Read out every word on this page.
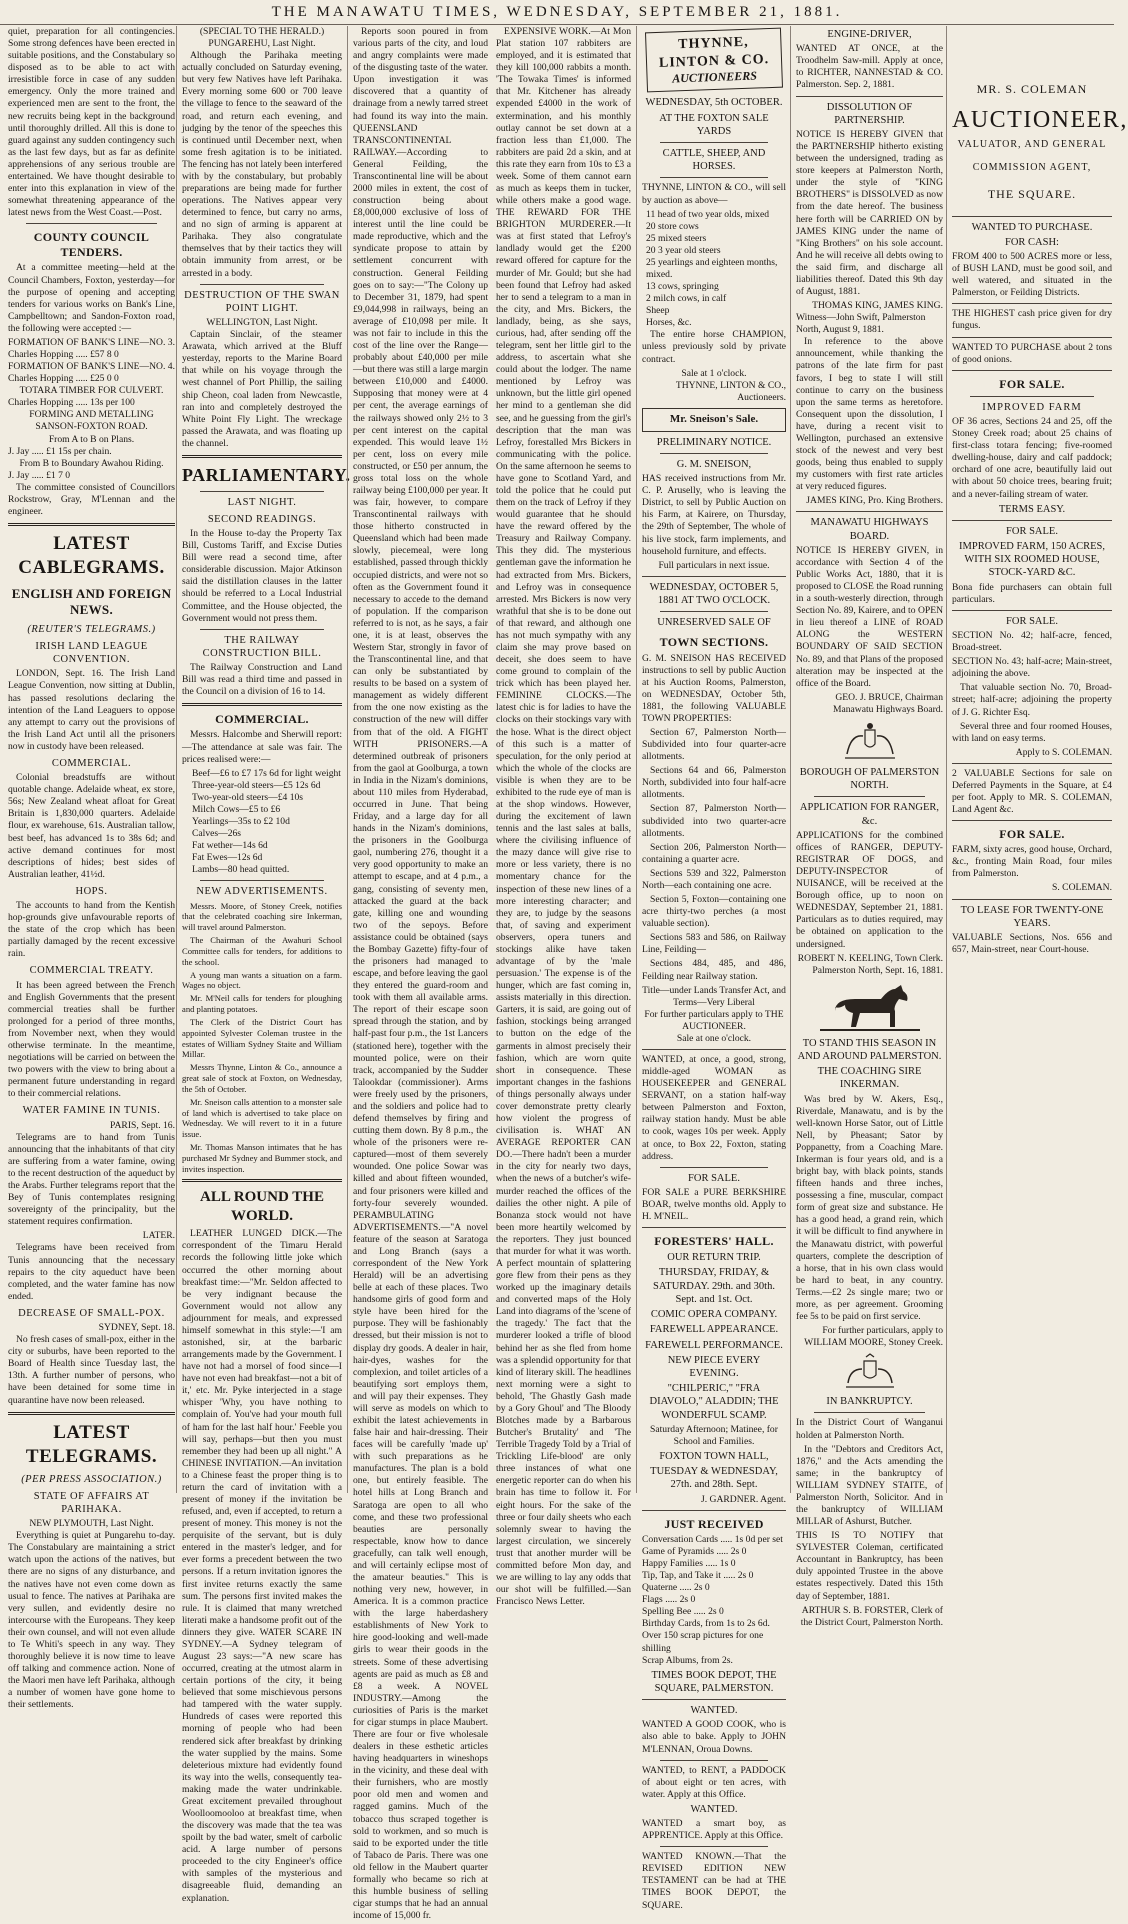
THE MANAWATU TIMES, WEDNESDAY, SEPTEMBER 21, 1881.

quiet, preparation for all contingencies. Some strong defences have been erected in suitable positions, and the Constabulary so disposed as to be able to act with irresistible force in case of any sudden emergency. Only the more trained and experienced men are sent to the front, the new recruits being kept in the background until thoroughly drilled. All this is done to guard against any sudden contingency such as the last few days, but as far as definite apprehensions of any serious trouble are entertained. We have thought desirable to enter into this explanation in view of the somewhat threatening appearance of the latest news from the West Coast.—Post.

COUNTY COUNCIL TENDERS.

At a committee meeting—held at the Council Chambers, Foxton, yesterday—for the purpose of opening and accepting tenders for various works on Bank's Line, Campbelltown; and Sandon-Foxton road, the following were accepted :—

FORMATION OF BANK'S LINE—NO. 3.
Charles Hopping ..... £57 8 0
FORMATION OF BANK'S LINE—NO. 4.
Charles Hopping ..... £25 0 0
TOTARA TIMBER FOR CULVERT.
Charles Hopping ..... 13s per 100
FORMING AND METALLING SANSON-FOXTON ROAD.
From A to B on Plans.
J. Jay ..... £1 15s per chain.
From B to Boundary Awahou Riding.
J. Jay ..... £1 7 0

The committee consisted of Councillors Rockstrow, Gray, M'Lennan and the engineer.

LATEST CABLEGRAMS.
ENGLISH AND FOREIGN NEWS.
(REUTER'S TELEGRAMS.)
IRISH LAND LEAGUE CONVENTION.

LONDON, Sept. 16. The Irish Land League Convention, now sitting at Dublin, has passed resolutions declaring the intention of the Land Leaguers to oppose any attempt to carry out the provisions of the Irish Land Act until all the prisoners now in custody have been released.

COMMERCIAL.

Colonial breadstuffs are without quotable change. Adelaide wheat, ex store, 56s; New Zealand wheat afloat for Great Britain is 1,830,000 quarters. Adelaide flour, ex warehouse, 61s. Australian tallow, best beef, has advanced 1s to 38s 6d; and active demand continues for most descriptions of hides; best sides of Australian leather, 41½d.

HOPS.

The accounts to hand from the Kentish hop-grounds give unfavourable reports of the state of the crop which has been partially damaged by the recent excessive rain.

COMMERCIAL TREATY.

It has been agreed between the French and English Governments that the present commercial treaties shall be further prolonged for a period of three months, from November next, when they would otherwise terminate. In the meantime, negotiations will be carried on between the two powers with the view to bring about a permanent future understanding in regard to their commercial relations.

WATER FAMINE IN TUNIS.
PARIS, Sept. 16.

Telegrams are to hand from Tunis announcing that the inhabitants of that city are suffering from a water famine, owing to the recent destruction of the aqueduct by the Arabs. Further telegrams report that the Bey of Tunis contemplates resigning sovereignty of the principality, but the statement requires confirmation.

LATER.

Telegrams have been received from Tunis announcing that the necessary repairs to the city aqueduct have been completed, and the water famine has now ended.

DECREASE OF SMALL-POX.
SYDNEY, Sept. 18.

No fresh cases of small-pox, either in the city or suburbs, have been reported to the Board of Health since Tuesday last, the 13th. A further number of persons, who have been detained for some time in quarantine have now been released.

LATEST TELEGRAMS.
(PER PRESS ASSOCIATION.)
STATE OF AFFAIRS AT PARIHAKA.
NEW PLYMOUTH, Last Night.

Everything is quiet at Pungarehu to-day. The Constabulary are maintaining a strict watch upon the actions of the natives, but there are no signs of any disturbance, and the natives have not even come down as usual to fence. The natives at Parihaka are very sullen, and evidently desire no intercourse with the Europeans. They keep their own counsel, and will not even allude to Te Whiti's speech in any way. They thoroughly believe it is now time to leave off talking and commence action. None of the Maori men have left Parihaka, although a number of women have gone home to their settlements.

(SPECIAL TO THE HERALD.)
PUNGAREHU, Last Night.

Although the Parihaka meeting actually concluded on Saturday evening, but very few Natives have left Parihaka. Every morning some 600 or 700 leave the village to fence to the seaward of the road, and return each evening, and judging by the tenor of the speeches this is continued until December next, when some fresh agitation is to be initiated. The fencing has not lately been interfered with by the constabulary, but probably preparations are being made for further operations. The Natives appear very determined to fence, but carry no arms, and no sign of arming is apparent at Parihaka. They also congratulate themselves that by their tactics they will obtain immunity from arrest, or be arrested in a body.

DESTRUCTION OF THE SWAN POINT LIGHT.
WELLINGTON, Last Night.

Captain Sinclair, of the steamer Arawata, which arrived at the Bluff yesterday, reports to the Marine Board that while on his voyage through the west channel of Port Phillip, the sailing ship Cheon, coal laden from Newcastle, ran into and completely destroyed the White Point Fly Light. The wreckage passed the Arawata, and was floating up the channel.

PARLIAMENTARY.
LAST NIGHT.
SECOND READINGS.

In the House to-day the Property Tax Bill, Customs Tariff, and Excise Duties Bill were read a second time, after considerable discussion. Major Atkinson said the distillation clauses in the latter should be referred to a Local Industrial Committee, and the House objected, the Government would not press them.

THE RAILWAY CONSTRUCTION BILL.

The Railway Construction and Land Bill was read a third time and passed in the Council on a division of 16 to 14.

COMMERCIAL.

Messrs. Halcombe and Sherwill report:—The attendance at sale was fair. The prices realised were:—

Beef—£6 to £7 17s 6d for light weight
Three-year-old steers—£5 12s 6d
Two-year-old steers—£4 10s
Milch Cows—£5 to £6
Yearlings—35s to £2 10d
Calves—26s
Fat wether—14s 6d
Fat Ewes—12s 6d
Lambs—80 head quitted.
NEW ADVERTISEMENTS.

Messrs. Moore, of Stoney Creek, notifies that the celebrated coaching sire Inkerman, will travel around Palmerston.

The Chairman of the Awahuri School Committee calls for tenders, for additions to the school.

A young man wants a situation on a farm. Wages no object.

Mr. M'Neil calls for tenders for ploughing and planting potatoes.

The Clerk of the District Court has appointed Sylvester Coleman trustee in the estates of William Sydney Staite and William Millar.

Messrs Thynne, Linton & Co., announce a great sale of stock at Foxton, on Wednesday, the 5th of October.

Mr. Sneison calls attention to a monster sale of land which is advertised to take place on Wednesday. We will revert to it in a future issue.

Mr. Thomas Manson intimates that he has purchased Mr Sydney and Bummer stock, and invites inspection.

ALL ROUND THE WORLD.

LEATHER LUNGED DICK.—The correspondent of the Timaru Herald records the following little joke which occurred the other morning about breakfast time:—"Mr. Seldon affected to be very indignant because the Government would not allow any adjournment for meals, and expressed himself somewhat in this style:—'I am astonished, sir, at the barbaric arrangements made by the Government. I have not had a morsel of food since—I have not even had breakfast—not a bit of it,' etc. Mr. Pyke interjected in a stage whisper 'Why, you have nothing to complain of. You've had your mouth full of ham for the last half hour.' Feeble you will say, perhaps—but then you must remember they had been up all night." A CHINESE INVITATION.—An invitation to a Chinese feast the proper thing is to return the card of invitation with a present of money if the invitation be refused, and, even if accepted, to return a present of money. This money is not the perquisite of the servant, but is duly entered in the master's ledger, and for ever forms a precedent between the two persons. If a return invitation ignores the first invitee returns exactly the same sum. The persons first invited makes the rule. It is claimed that many wretched literati make a handsome profit out of the dinners they give. WATER SCARE IN SYDNEY.—A Sydney telegram of August 23 says:—"A new scare has occurred, creating at the utmost alarm in certain portions of the city, it being believed that some mischievous persons had tampered with the water supply. Hundreds of cases were reported this morning of people who had been rendered sick after breakfast by drinking the water supplied by the mains. Some deleterious mixture had evidently found its way into the wells, consequently tea-making made the water undrinkable. Great excitement prevailed throughout Woolloomooloo at breakfast time, when the discovery was made that the tea was spoilt by the bad water, smelt of carbolic acid. A large number of persons proceeded to the city Engineer's office with samples of the mysterious and disagreeable fluid, demanding an explanation.

Reports soon poured in from various parts of the city, and loud and angry complaints were made of the disgusting taste of the water. Upon investigation it was discovered that a quantity of drainage from a newly tarred street had found its way into the main. QUEENSLAND TRANSCONTINENTAL RAILWAY.—According to General Feilding, the Transcontinental line will be about 2000 miles in extent, the cost of construction being about £8,000,000 exclusive of loss of interest until the line could be made reproductive, which and the syndicate propose to attain by settlement concurrent with construction. General Feilding goes on to say:—"The Colony up to December 31, 1879, had spent £9,044,998 in railways, being an average of £10,098 per mile. It was not fair to include in this the cost of the line over the Range—probably about £40,000 per mile—but there was still a large margin between £10,000 and £4000. Supposing that money were at 4 per cent, the average earnings of the railways showed only 2½ to 3 per cent interest on the capital expended. This would leave 1½ per cent, loss on every mile constructed, or £50 per annum, the gross total loss on the whole railway being £100,000 per year. It was fair, however, to compare Transcontinental railways with those hitherto constructed in Queensland which had been made slowly, piecemeal, were long established, passed through thickly occupied districts, and were not so often as the Government found it necessary to accede to the demand of population. If the comparison referred to is not, as he says, a fair one, it is at least, observes the Western Star, strongly in favor of the Transcontinental line, and that can only be substantiated by results to be based on a system of management as widely different from the one now existing as the construction of the new will differ from that of the old. A FIGHT WITH PRISONERS.—A determined outbreak of prisoners from the gaol at Goolburga, a town in India in the Nizam's dominions, about 110 miles from Hyderabad, occurred in June. That being Friday, and a large day for all hands in the Nizam's dominions, the prisoners in the Goolburga gaol, numbering 276, thought it a very good opportunity to make an attempt to escape, and at 4 p.m., a gang, consisting of seventy men, attacked the guard at the back gate, killing one and wounding two of the sepoys. Before assistance could be obtained (says the Bombay Gazette) fifty-four of the prisoners had managed to escape, and before leaving the gaol they entered the guard-room and took with them all available arms. The report of their escape soon spread through the station, and by half-past four p.m., the 1st Lancers (stationed here), together with the mounted police, were on their track, accompanied by the Sudder Talookdar (commissioner). Arms were freely used by the prisoners, and the soldiers and police had to defend themselves by firing and cutting them down. By 8 p.m., the whole of the prisoners were re-captured—most of them severely wounded. One police Sowar was killed and about fifteen wounded, and four prisoners were killed and forty-four severely wounded. PERAMBULATING ADVERTISEMENTS.—"A novel feature of the season at Saratoga and Long Branch (says a correspondent of the New York Herald) will be an advertising belle at each of these places. Two handsome girls of good form and style have been hired for the purpose. They will be fashionably dressed, but their mission is not to display dry goods. A dealer in hair, hair-dyes, washes for the complexion, and toilet articles of a beautifying sort employs them, and will pay their expenses. They will serve as models on which to exhibit the latest achievements in false hair and hair-dressing. Their faces will be carefully 'made up' with such preparations as he manufactures. The plan is a bold one, but entirely feasible. The hotel hills at Long Branch and Saratoga are open to all who come, and these two professional beauties are personally respectable, know how to dance gracefully, can talk well enough, and will certainly eclipse most of the amateur beauties." This is nothing very new, however, in America. It is a common practice with the large haberdashery establishments of New York to hire good-looking and well-made girls to wear their goods in the streets. Some of these advertising agents are paid as much as £8 and £8 a week. A NOVEL INDUSTRY.—Among the curiosities of Paris is the market for cigar stumps in place Maubert. There are four or five wholesale dealers in these esthetic articles having headquarters in wineshops in the vicinity, and these deal with their furnishers, who are mostly poor old men and women and ragged gamins. Much of the tobacco thus scraped together is sold to workmen, and so much is said to be exported under the title of Tabaco de Paris. There was one old fellow in the Maubert quarter formally who became so rich at this humble business of selling cigar stumps that he had an annual income of 15,000 fr.

EXPENSIVE WORK.—At Mon Plat station 107 rabbiters are employed, and it is estimated that they kill 100,000 rabbits a month. 'The Towaka Times' is informed that Mr. Kitchener has already expended £4000 in the work of extermination, and his monthly outlay cannot be set down at a fraction less than £1,000. The rabbiters are paid 2d a skin, and at this rate they earn from 10s to £3 a week. Some of them cannot earn as much as keeps them in tucker, while others make a good wage. THE REWARD FOR THE BRIGHTON MURDERER.—It was at first stated that Lefroy's landlady would get the £200 reward offered for capture for the murder of Mr. Gould; but she had been found that Lefroy had asked her to send a telegram to a man in the city, and Mrs. Bickers, the landlady, being, as she says, curious, had, after sending off the telegram, sent her little girl to the address, to ascertain what she could about the lodger. The name mentioned by Lefroy was unknown, but the little girl opened her mind to a gentleman she did see, and he guessing from the girl's description that the man was Lefroy, forestalled Mrs Bickers in communicating with the police. On the same afternoon he seems to have gone to Scotland Yard, and told the police that he could put them on the track of Lefroy if they would guarantee that he should have the reward offered by the Treasury and Railway Company. This they did. The mysterious gentleman gave the information he had extracted from Mrs. Bickers, and Lefroy was in consequence arrested. Mrs Bickers is now very wrathful that she is to be done out of that reward, and although one has not much sympathy with any claim she may prove based on deceit, she does seem to have come ground to complain of the trick which has been played her. FEMININE CLOCKS.—The latest chic is for ladies to have the clocks on their stockings vary with the hose. What is the direct object of this such is a matter of speculation, for the only period at which the whole of the clocks are visible is when they are to be exhibited to the rude eye of man is at the shop windows. However, during the excitement of lawn tennis and the last sales at balls, where the civilising influence of the mazy dance will give rise to more or less variety, there is no momentary chance for the inspection of these new lines of a more interesting character; and they are, to judge by the seasons that, of saving and experiment observers, opera tuners and stockings alike have taken advantage of by the 'male persuasion.' The expense is of the hunger, which are fast coming in, assists materially in this direction. Garters, it is said, are going out of fashion, stockings being arranged to button on the edge of the garments in almost precisely their fashion, which are worn quite short in consequence. These important changes in the fashions of things personally always under cover demonstrate pretty clearly how violent the progress of civilisation is. WHAT AN AVERAGE REPORTER CAN DO.—There hadn't been a murder in the city for nearly two days, when the news of a butcher's wife-murder reached the offices of the dailies the other night. A pile of Bonanza stock would not have been more heartily welcomed by the reporters. They just bounced that murder for what it was worth. A perfect mountain of splattering gore flew from their pens as they worked up the imaginary details and converted maps of the Holy Land into diagrams of the 'scene of the tragedy.' The fact that the murderer looked a trifle of blood behind her as she fled from home was a splendid opportunity for that kind of literary skill. The headlines next morning were a sight to behold, 'The Ghastly Gash made by a Gory Ghoul' and 'The Bloody Blotches made by a Barbarous Butcher's Brutality' and 'The Terrible Tragedy Told by a Trial of Trickling Life-blood' are only three instances of what one energetic reporter can do when his brain has time to follow it. For eight hours. For the sake of the three or four daily sheets who each solemnly swear to having the largest circulation, we sincerely trust that another murder will be committed before Mon day, and we are willing to lay any odds that our shot will be fulfilled.—San Francisco News Letter.

THYNNE, LINTON & CO.
AUCTIONEERS
WEDNESDAY, 5th OCTOBER.
AT THE FOXTON SALE YARDS
CATTLE, SHEEP, AND HORSES.

THYNNE, LINTON & CO., will sell by auction as above—

11 head of two year olds, mixed
20 store cows
25 mixed steers
20 3 year old steers
25 yearlings and eighteen months, mixed.
13 cows, springing
2 milch cows, in calf
Sheep
Horses, &c.

The entire horse CHAMPION, unless previously sold by private contract.

Sale at 1 o'clock.
THYNNE, LINTON & CO., Auctioneers.
Mr. Sneison's Sale.
PRELIMINARY NOTICE.
G. M. SNEISON,

HAS received instructions from Mr. C. P. Aruselly, who is leaving the District, to sell by Public Auction on his Farm, at Kairere, on Thursday, the 29th of September, The whole of his live stock, farm implements, and household furniture, and effects.

Full particulars in next issue.
WEDNESDAY, OCTOBER 5, 1881 AT TWO O'CLOCK.
UNRESERVED SALE OF
TOWN SECTIONS.

G. M. SNEISON HAS RECEIVED instructions to sell by public Auction at his Auction Rooms, Palmerston, on WEDNESDAY, October 5th, 1881, the following VALUABLE TOWN PROPERTIES:

Section 67, Palmerston North—Subdivided into four quarter-acre allotments.

Sections 64 and 66, Palmerston North, subdivided into four half-acre allotments.

Section 87, Palmerston North—subdivided into two quarter-acre allotments.

Section 206, Palmerston North—containing a quarter acre.

Sections 539 and 322, Palmerston North—each containing one acre.

Section 5, Foxton—containing one acre thirty-two perches (a most valuable section).

Sections 583 and 586, on Railway Line, Feilding—

Sections 484, 485, and 486, Feilding near Railway station.

Title—under Lands Transfer Act, and
Terms—Very Liberal
For further particulars apply to THE AUCTIONEER.
Sale at one o'clock.

WANTED, at once, a good, strong, middle-aged WOMAN as HOUSEKEEPER and GENERAL SERVANT, on a station half-way between Palmerston and Foxton, railway station handy. Must be able to cook, wages 10s per week. Apply at once, to Box 22, Foxton, stating address.

FOR SALE.

FOR SALE a PURE BERKSHIRE BOAR, twelve months old. Apply to H. M'NEIL.

FORESTERS' HALL.
OUR RETURN TRIP.
THURSDAY, FRIDAY, & SATURDAY. 29th. and 30th. Sept. and 1st. Oct.
COMIC OPERA COMPANY.
FAREWELL APPEARANCE.
FAREWELL PERFORMANCE.
NEW PIECE EVERY EVENING.
"CHILPERIC," "FRA DIAVOLO," ALADDIN; THE WONDERFUL SCAMP.
Saturday Afternoon; Matinee, for School and Families.
FOXTON TOWN HALL,
TUESDAY & WEDNESDAY, 27th. and 28th. Sept.
J. GARDNER. Agent.
JUST RECEIVED
Conversation Cards ..... 1s 0d per set
Game of Pyramids ..... 2s 0
Happy Families ..... 1s 0
Tip, Tap, and Take it ..... 2s 0
Quaterne ..... 2s 0
Flags ..... 2s 0
Spelling Bee ..... 2s 0
Birthday Cards, from 1s to 2s 6d.
Over 150 scrap pictures for one shilling
Scrap Albums, from 2s.
TIMES BOOK DEPOT, THE SQUARE, PALMERSTON.
WANTED.

WANTED A GOOD COOK, who is also able to bake. Apply to JOHN M'LENNAN, Oroua Downs.

WANTED, to RENT, a PADDOCK of about eight or ten acres, with water. Apply at this Office.

WANTED.

WANTED a smart boy, as APPRENTICE. Apply at this Office.

WANTED KNOWN.—That the REVISED EDITION NEW TESTAMENT can be had at THE TIMES BOOK DEPOT, the SQUARE.

ENGINE-DRIVER,

WANTED AT ONCE, at the Troodhelm Saw-mill. Apply at once, to RICHTER, NANNESTAD & CO. Palmerston. Sep. 2, 1881.

DISSOLUTION OF PARTNERSHIP.

NOTICE IS HEREBY GIVEN that the PARTNERSHIP hitherto existing between the undersigned, trading as store keepers at Palmerston North, under the style of "KING BROTHERS" is DISSOLVED as now from the date hereof. The business here forth will be CARRIED ON by JAMES KING under the name of "King Brothers" on his sole account. And he will receive all debts owing to the said firm, and discharge all liabilities thereof. Dated this 9th day of August, 1881.

THOMAS KING, JAMES KING.
Witness—John Swift, Palmerston North, August 9, 1881.

In reference to the above announcement, while thanking the patrons of the late firm for past favors, I beg to state I will still continue to carry on the business upon the same terms as heretofore. Consequent upon the dissolution, I have, during a recent visit to Wellington, purchased an extensive stock of the newest and very best goods, being thus enabled to supply my customers with first rate articles at very reduced figures.

JAMES KING, Pro. King Brothers.
MANAWATU HIGHWAYS BOARD.

NOTICE IS HEREBY GIVEN, in accordance with Section 4 of the Public Works Act, 1880, that it is proposed to CLOSE the Road running in a south-westerly direction, through Section No. 89, Kairere, and to OPEN in lieu thereof a LINE of ROAD ALONG the WESTERN BOUNDARY OF SAID SECTION No. 89, and that Plans of the proposed alteration may be inspected at the office of the Board.

GEO. J. BRUCE, Chairman Manawatu Highways Board.
BOROUGH OF PALMERSTON NORTH.
APPLICATION FOR RANGER, &c.

APPLICATIONS for the combined offices of RANGER, DEPUTY-REGISTRAR OF DOGS, and DEPUTY-INSPECTOR of NUISANCE, will be received at the Borough office, up to noon on WEDNESDAY, September 21, 1881. Particulars as to duties required, may be obtained on application to the undersigned.

ROBERT N. KEELING, Town Clerk. Palmerston North, Sept. 16, 1881.
TO STAND THIS SEASON IN AND AROUND PALMERSTON.
THE COACHING SIRE INKERMAN.

Was bred by W. Akers, Esq., Riverdale, Manawatu, and is by the well-known Horse Sator, out of Little Nell, by Pheasant; Sator by Poppanetty, from a Coaching Mare. Inkerman is four years old, and is a bright bay, with black points, stands fifteen hands and three inches, possessing a fine, muscular, compact form of great size and substance. He has a good head, a grand rein, which it will be difficult to find anywhere in the Manawatu district, with powerful quarters, complete the description of a horse, that in his own class would be hard to beat, in any country. Terms.—£2 2s single mare; two or more, as per agreement. Grooming fee 5s to be paid on first service.

For further particulars, apply to WILLIAM MOORE, Stoney Creek.
IN BANKRUPTCY.

In the District Court of Wanganui holden at Palmerston North.

In the "Debtors and Creditors Act, 1876," and the Acts amending the same; in the bankruptcy of WILLIAM SYDNEY STAITE, of Palmerston North, Solicitor. And in the bankruptcy of WILLIAM MILLAR of Ashurst, Butcher.

THIS IS TO NOTIFY that SYLVESTER Coleman, certificated Accountant in Bankruptcy, has been duly appointed Trustee in the above estates respectively. Dated this 15th day of September, 1881.

ARTHUR S. B. FORSTER, Clerk of the District Court, Palmerston North.
MR. S. COLEMAN
AUCTIONEER,
VALUATOR, AND GENERAL
COMMISSION AGENT,
THE SQUARE.
WANTED TO PURCHASE.
FOR CASH:

FROM 400 to 500 ACRES more or less, of BUSH LAND, must be good soil, and well watered, and situated in the Palmerston, or Feilding Districts.

THE HIGHEST cash price given for dry fungus.

WANTED TO PURCHASE about 2 tons of good onions.

FOR SALE.
IMPROVED FARM

OF 36 acres, Sections 24 and 25, off the Stoney Creek road; about 25 chains of first-class totara fencing; five-roomed dwelling-house, dairy and calf paddock; orchard of one acre, beautifully laid out with about 50 choice trees, bearing fruit; and a never-failing stream of water.

TERMS EASY.
FOR SALE.
IMPROVED FARM, 150 ACRES, WITH SIX ROOMED HOUSE, STOCK-YARD &C.

Bona fide purchasers can obtain full particulars.

FOR SALE.

SECTION No. 42; half-acre, fenced, Broad-street.

SECTION No. 43; half-acre; Main-street, adjoining the above.

That valuable section No. 70, Broad-street; half-acre; adjoining the property of J. G. Richter Esq.

Several three and four roomed Houses, with land on easy terms.

Apply to S. COLEMAN.

2 VALUABLE Sections for sale on Deferred Payments in the Square, at £4 per foot. Apply to MR. S. COLEMAN, Land Agent &c.

FOR SALE.

FARM, sixty acres, good house, Orchard, &c., fronting Main Road, four miles from Palmerston.

S. COLEMAN.
TO LEASE FOR TWENTY-ONE YEARS.

VALUABLE Sections, Nos. 656 and 657, Main-street, near Court-house.
